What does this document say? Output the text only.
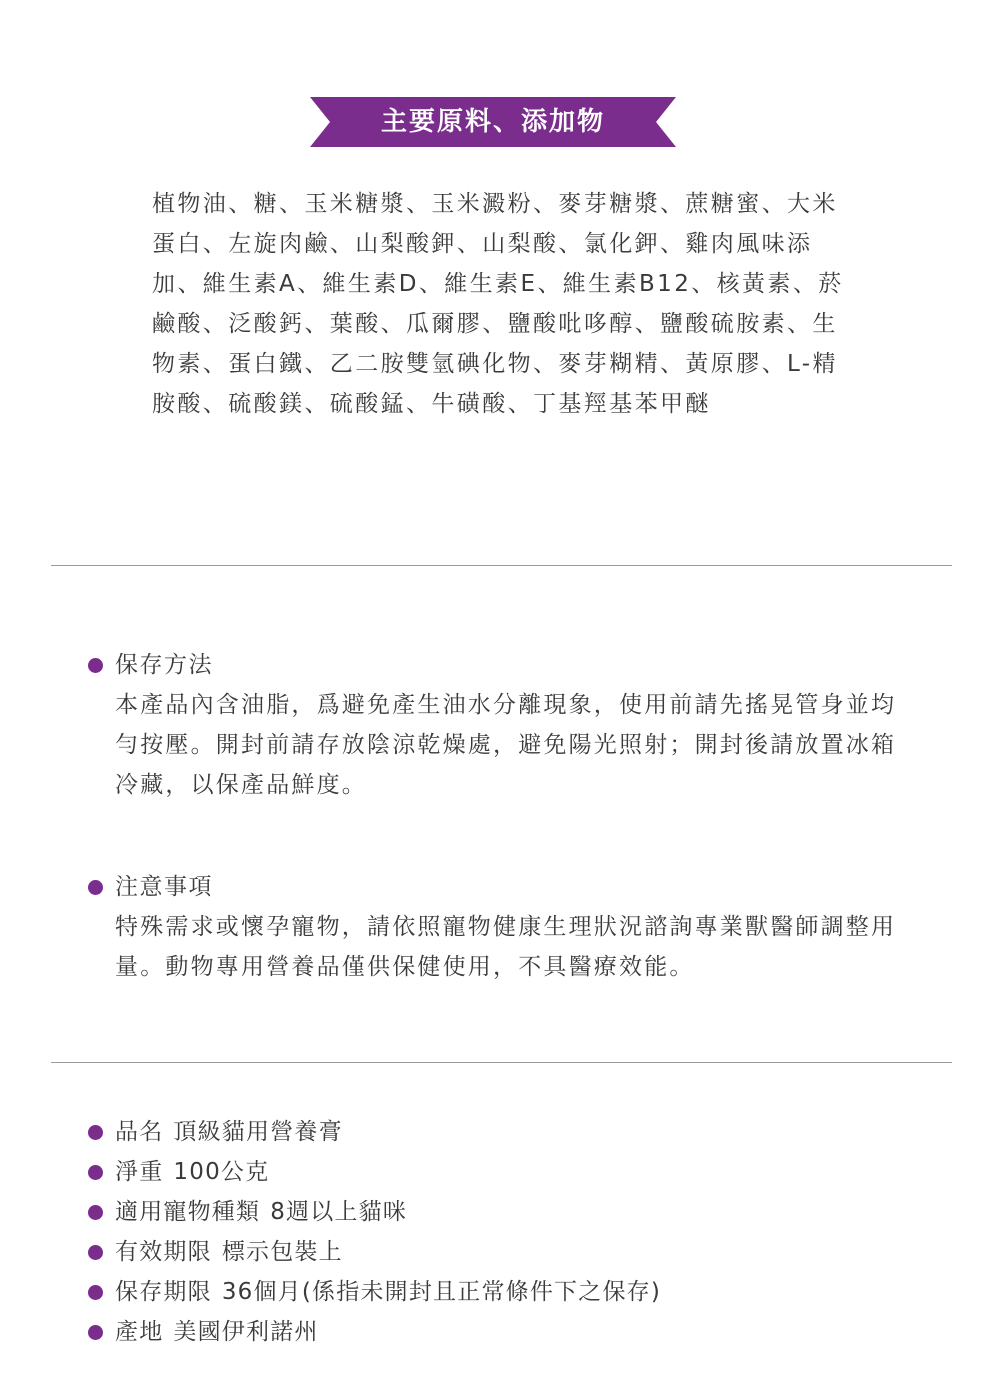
主要原料、添加物

植物油、糖、玉米糖漿、玉米澱粉、麥芽糖漿、蔗糖蜜、大米蛋白、左旋肉鹼、山梨酸鉀、山梨酸、氯化鉀、雞肉風味添加、維生素A、維生素D、維生素E、維生素B12、核黃素、菸鹼酸、泛酸鈣、葉酸、瓜爾膠、鹽酸吡哆醇、鹽酸硫胺素、生物素、蛋白鐵、乙二胺雙氫碘化物、麥芽糊精、黃原膠、L-精胺酸、硫酸鎂、硫酸錳、牛磺酸、丁基羥基苯甲醚

保存方法

本產品內含油脂，爲避免產生油水分離現象，使用前請先搖晃管身並均勻按壓。開封前請存放陰涼乾燥處，避免陽光照射；開封後請放置冰箱冷藏，以保產品鮮度。

注意事項

特殊需求或懷孕寵物，請依照寵物健康生理狀況諮詢專業獸醫師調整用量。動物專用營養品僅供保健使用，不具醫療效能。

品名 頂級貓用營養膏
淨重 100公克
適用寵物種類 8週以上貓咪
有效期限 標示包裝上
保存期限 36個月(係指未開封且正常條件下之保存)
產地 美國伊利諾州
